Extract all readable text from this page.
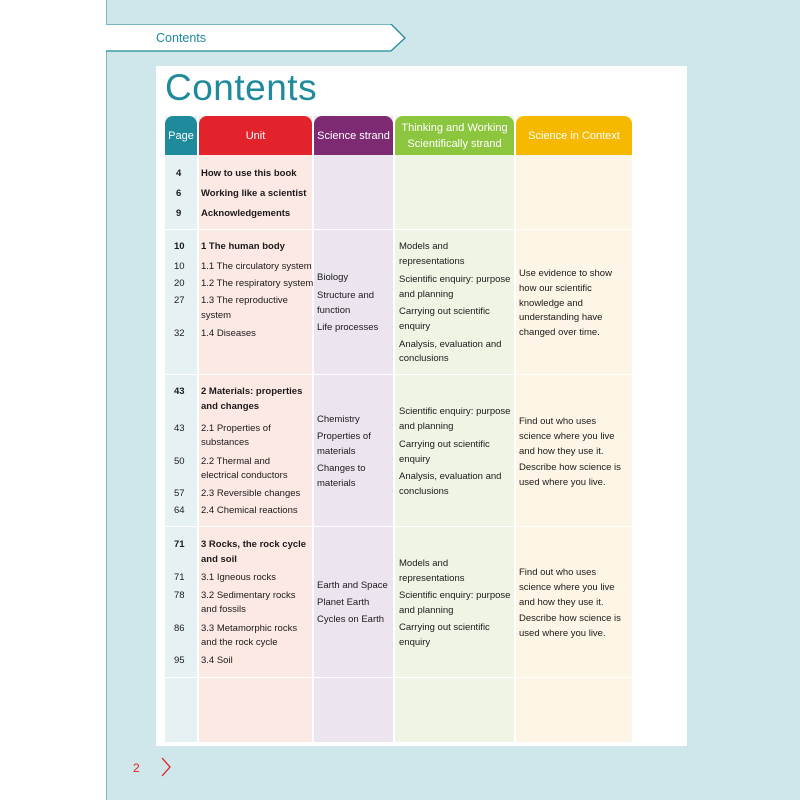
Contents
Contents
Page	Unit	Science strand
Thinking and Working
Scientifically strand
Science in Context
4 How to use this book
6 Working like a scientist
9 Acknowledgements
10 1 The human body
10 1.1 The circulatory system
20 1.2 The respiratory system
27 1.3 The reproductive
system
32 1.4 Diseases
Biology
Structure and
function
Life processes
Models and
representations
Scientific enquiry: purpose
and planning
Carrying out scientific
enquiry
Analysis, evaluation and
conclusions
Use evidence to show
how our scientific
knowledge and
understanding have
changed over time.
43 2 Materials: properties
and changes
43 2.1 Properties of
substances
50 2.2 Thermal and
electrical conductors
57 2.3 Reversible changes
64 2.4 Chemical reactions
Chemistry
Properties of
materials
Changes to
materials
Scientific enquiry: purpose
and planning
Carrying out scientific
enquiry
Analysis, evaluation and
conclusions
Find out who uses
science where you live
and how they use it.
Describe how science is
used where you live.
71 3 Rocks, the rock cycle
and soil
71 3.1 Igneous rocks
78 3.2 Sedimentary rocks
and fossils
86 3.3 Metamorphic rocks
and the rock cycle
95 3.4 Soil
Earth and Space
Planet Earth
Cycles on Earth
Models and
representations
Scientific enquiry: purpose
and planning
Carrying out scientific
enquiry
Find out who uses
science where you live
and how they use it.
Describe how science is
used where you live.
2
